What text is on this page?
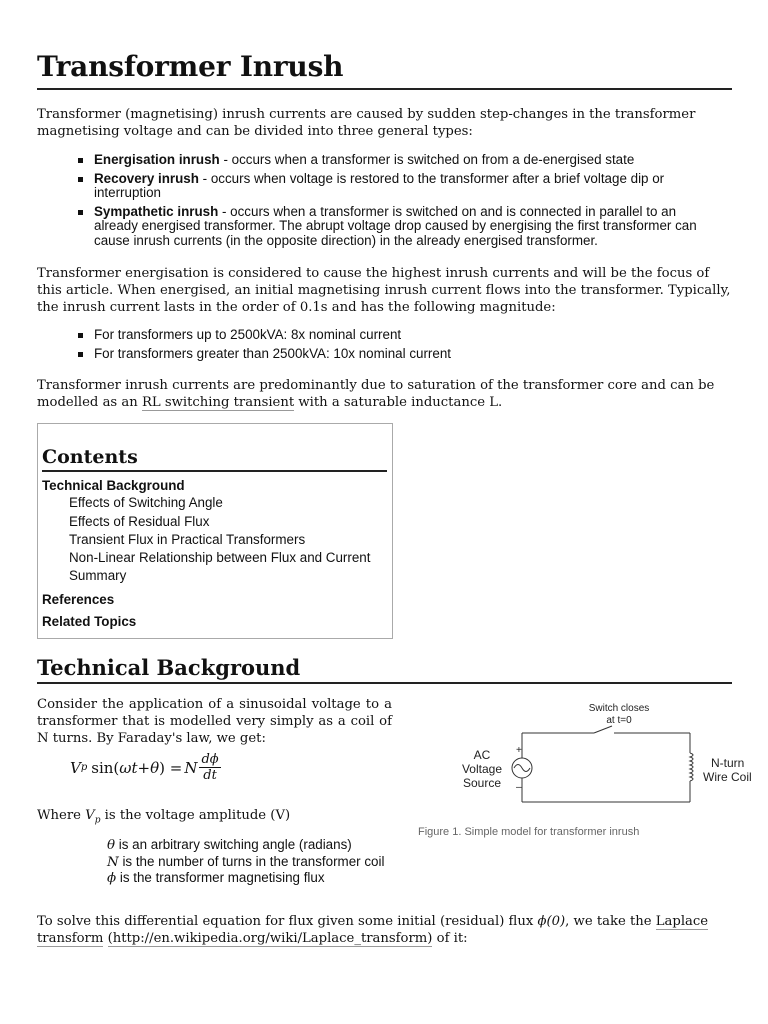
Transformer Inrush

Transformer (magnetising) inrush currents are caused by sudden step-changes in the transformer magnetising voltage and can be divided into three general types:

Energisation inrush - occurs when a transformer is switched on from a de-energised state
Recovery inrush - occurs when voltage is restored to the transformer after a brief voltage dip or interruption
Sympathetic inrush - occurs when a transformer is switched on and is connected in parallel to an already energised transformer. The abrupt voltage drop caused by energising the first transformer can cause inrush currents (in the opposite direction) in the already energised transformer.

Transformer energisation is considered to cause the highest inrush currents and will be the focus of this article. When energised, an initial magnetising inrush current flows into the transformer. Typically, the inrush current lasts in the order of 0.1s and has the following magnitude:

For transformers up to 2500kVA: 8x nominal current
For transformers greater than 2500kVA: 10x nominal current

Transformer inrush currents are predominantly due to saturation of the transformer core and can be modelled as an RL switching transient with a saturable inductance L.

Contents
Technical Background
Effects of Switching Angle
Effects of Residual Flux
Transient Flux in Practical Transformers
Non-Linear Relationship between Flux and Current
Summary
References
Related Topics
Technical Background

Consider the application of a sinusoidal voltage to a transformer that is modelled very simply as a coil of N turns. By Faraday's law, we get:

V p sin( ωt + θ ) = N $\frac{d\phi}{dt}$

Where $V_p$ is the voltage amplitude (V)

θ is an arbitrary switching angle (radians)
N is the number of turns in the transformer coil
ϕ is the transformer magnetising flux
Switch closes
at t=0
AC
Voltage
Source
N-turn
Wire Coil
+
–
Figure 1. Simple model for transformer inrush

To solve this differential equation for flux given some initial (residual) flux ϕ(0), we take the Laplace transform (http://en.wikipedia.org/wiki/Laplace_transform) of it:
